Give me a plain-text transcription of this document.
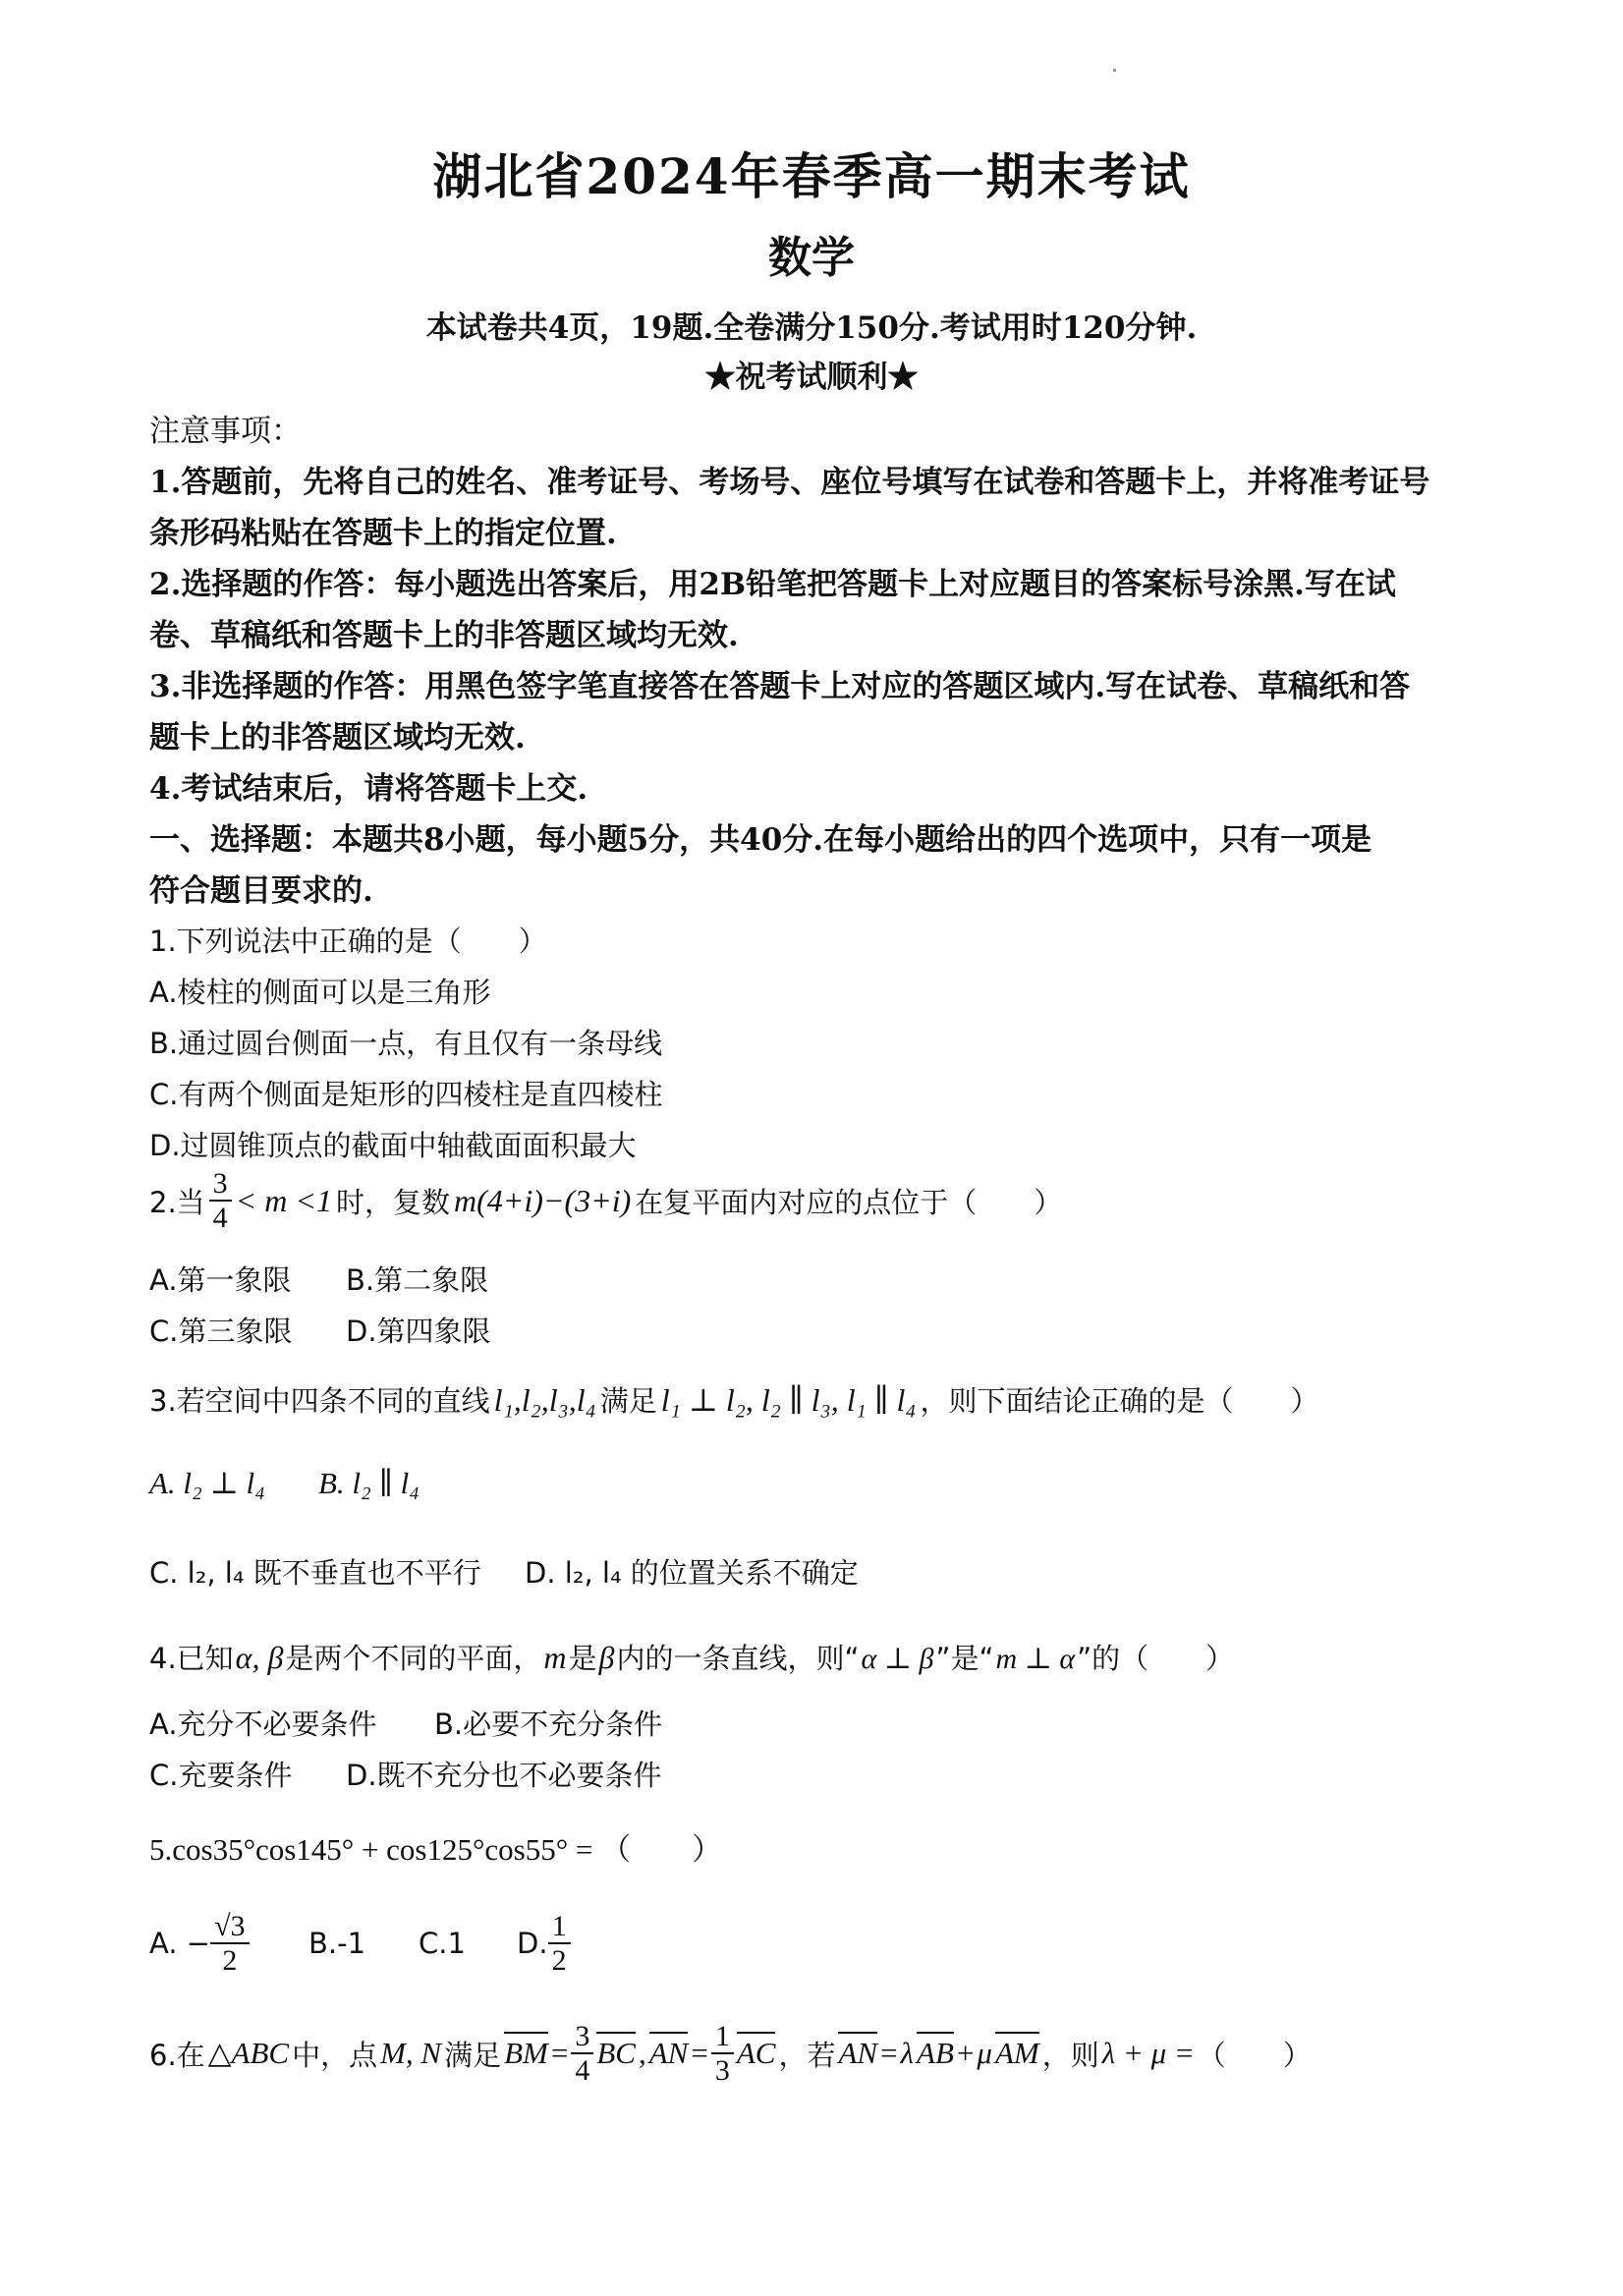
湖北省2024年春季高一期末考试
数学
本试卷共4页，19题.全卷满分150分.考试用时120分钟.
★祝考试顺利★
注意事项：
1.答题前，先将自己的姓名、准考证号、考场号、座位号填写在试卷和答题卡上，并将准考证号
条形码粘贴在答题卡上的指定位置.
2.选择题的作答：每小题选出答案后，用2B铅笔把答题卡上对应题目的答案标号涂黑.写在试
卷、草稿纸和答题卡上的非答题区域均无效.
3.非选择题的作答：用黑色签字笔直接答在答题卡上对应的答题区域内.写在试卷、草稿纸和答
题卡上的非答题区域均无效.
4.考试结束后，请将答题卡上交.
一、选择题：本题共8小题，每小题5分，共40分.在每小题给出的四个选项中，只有一项是
符合题目要求的.
1.下列说法中正确的是（　　）
A.棱柱的侧面可以是三角形
B.通过圆台侧面一点，有且仅有一条母线
C.有两个侧面是矩形的四棱柱是直四棱柱
D.过圆锥顶点的截面中轴截面面积最大
2.当 $\frac{3}{4} < m <1$ 时，复数 m(4+i)−(3+i) 在复平面内对应的点位于（　　）
A.第一象限 B.第二象限
C.第三象限 D.第四象限
3.若空间中四条不同的直线 l₁,l₂,l₃,l₄ 满足 l₁ ⊥ l₂, l₂ ∥ l₃, l₁ ∥ l₄ ，则下面结论正确的是（　　）
A. l₂ ⊥ l₄ B. l₂ ∥ l₄
C. l₂, l₄ 既不垂直也不平行 D. l₂, l₄ 的位置关系不确定
4.已知 α, β 是两个不同的平面， m 是 β 内的一条直线，则“ α ⊥ β ”是“ m ⊥ α ”的（　　）
A.充分不必要条件 B.必要不充分条件
C.充要条件 D.既不充分也不必要条件
5.cos35°cos145° + cos125°cos55° = （　　）
A. − $\frac{√3}{2} B.-1$	C.1	D. $\frac{1}{2}$
6.在 △ABC 中，点 M, N 满足 BM = $\frac{3}{4}$ BC , AN = $\frac{1}{3}$ AC ，若 AN = λ AB + μ AM ，则 λ + μ = （　　）
